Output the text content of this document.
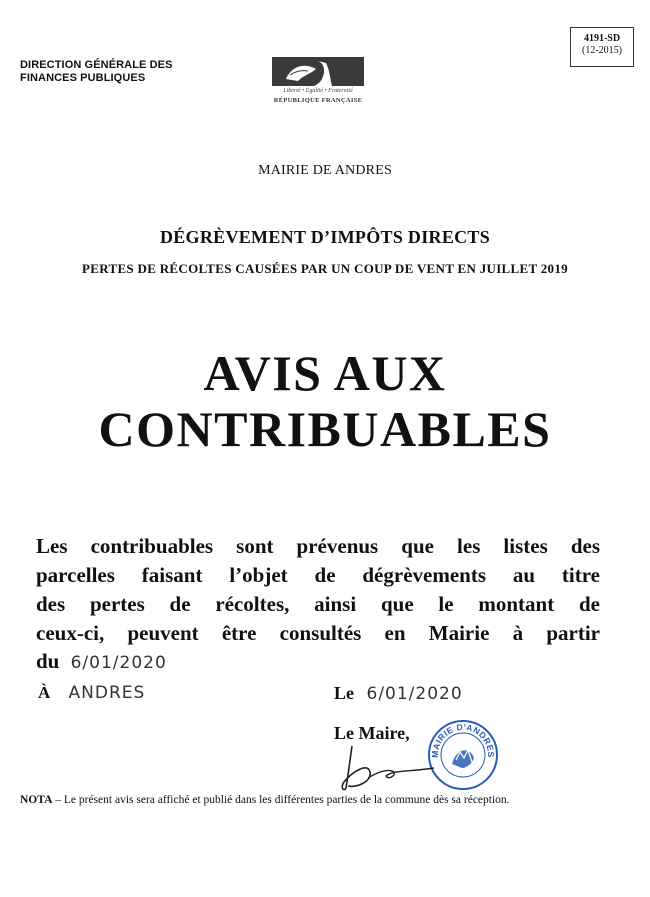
DIRECTION GÉNÉRALE DES
FINANCES PUBLIQUES
4191-SD
(12-2015)
Liberté • Égalité • Fraternité
RÉPUBLIQUE FRANÇAISE
MAIRIE DE ANDRES
DÉGRÈVEMENT D’IMPÔTS DIRECTS
PERTES DE RÉCOLTES CAUSÉES PAR UN COUP DE VENT EN JUILLET 2019
AVIS AUX
CONTRIBUABLES
Les contribuables sont prévenus que les listes des
parcelles faisant l’objet de dégrèvements au titre
des pertes de récoltes, ainsi que le montant de
ceux-ci, peuvent être consultés en Mairie à partir
du 6/01/2020
À ANDRES	Le 6/01/2020
Le Maire,
MAIRIE D'ANDRES
NOTA – Le présent avis sera affiché et publié dans les différentes parties de la commune dès sa réception.
